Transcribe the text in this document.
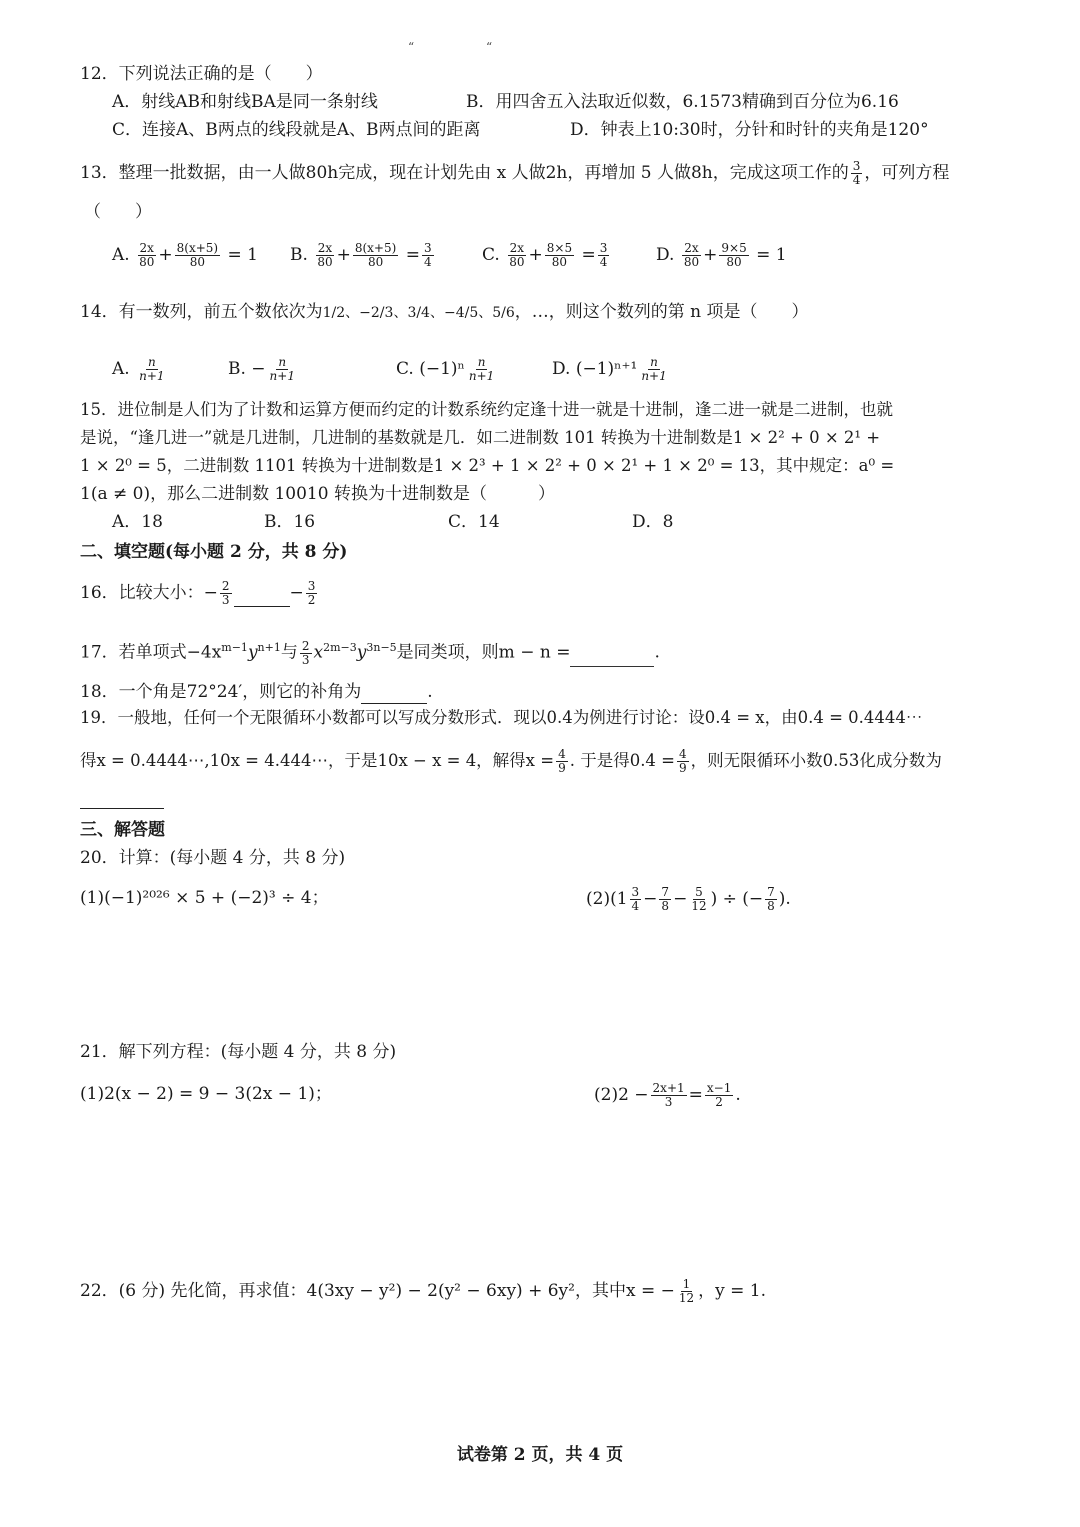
“	“
12．下列说法正确的是（　　）
A．射线AB和射线BA是同一条射线	B．用四舍五入法取近似数，6.1573精确到百分位为6.16
C．连接A、B两点的线段就是A、B两点间的距离	D．钟表上10:30时，分针和时针的夹角是120°
13．整理一批数据，由一人做80h完成，现在计划先由 x 人做2h，再增加 5 人做8h，完成这项工作的 $\frac{3}{4}$ ，可列方程
（　　）
A. $\frac{2x}{80} + \frac{8(x+5)}{80} = 1$ B. $\frac{2x}{80} + \frac{8(x+5)}{80} = \frac{3}{4}$	C. $\frac{2x}{80} + \frac{8\times 5}{80} = \frac{3}{4}$	D. $\frac{2x}{80} + \frac{9\times 5}{80} = 1$
14．有一数列，前五个数依次为1/2、−2/3、3/4、−4/5、5/6，…，则这个数列的第 n 项是（　　）
A. $\frac{n}{n+1}$	B. − $\frac{n}{n+1}$	C. $(-1)^n \frac{n}{n+1}$	D. $(-1)^{n+1} \frac{n}{n+1}$
15．进位制是人们为了计数和运算方便而约定的计数系统约定逢十进一就是十进制，逢二进一就是二进制，也就
是说，“逢几进一”就是几进制，几进制的基数就是几．如二进制数 101 转换为十进制数是1 × 2² + 0 × 2¹ +
1 × 2⁰ = 5，二进制数 1101 转换为十进制数是1 × 2³ + 1 × 2² + 0 × 2¹ + 1 × 2⁰ = 13，其中规定：a⁰ =
1(a ≠ 0)，那么二进制数 10010 转换为十进制数是（　　　）
A．18	B．16	C．14	D．8
二、填空题(每小题 2 分，共 8 分)
16．比较大小：− $\frac{2}{3}$	− $\frac{3}{2}$
17．若单项式$-4x^{m-1}y^{n+1}$与 $\frac{2}{3} x^{2m-3}y^{3n-5}$是同类项，则m − n =	.
18．一个角是72°24′，则它的补角为	.
19．一般地，任何一个无限循环小数都可以写成分数形式．现以0.4̇为例进行讨论：设0.4̇ = x，由0.4̇ = 0.4444⋯
得x = 0.4444⋯,10x = 4.444⋯，于是10x − x = 4，解得$x = \frac{4}{9}$ . 于是得0.4̇ = $\frac{4}{9}$ ，则无限循环小数0.5̇3̇化成分数为
三、解答题
20．计算：(每小题 4 分，共 8 分)
(1)(−1)²⁰²⁶ × 5 + (−2)³ ÷ 4；	$(2)(1 \frac{3}{4} - \frac{7}{8} - \frac{5}{12}$ ) ÷ (− $\frac{7}{8}$ ).
21．解下列方程：(每小题 4 分，共 8 分)
(1)2(x − 2) = 9 − 3(2x − 1)；	$(2)2 - \frac{2x+1}{3} = \frac{x-1}{2}$ .
22．(6 分) 先化简，再求值：4(3xy − y²) − 2(y² − 6xy) + 6y²，其中x = − $\frac{1}{12}$ ，y = 1.
试卷第 2 页，共 4 页
